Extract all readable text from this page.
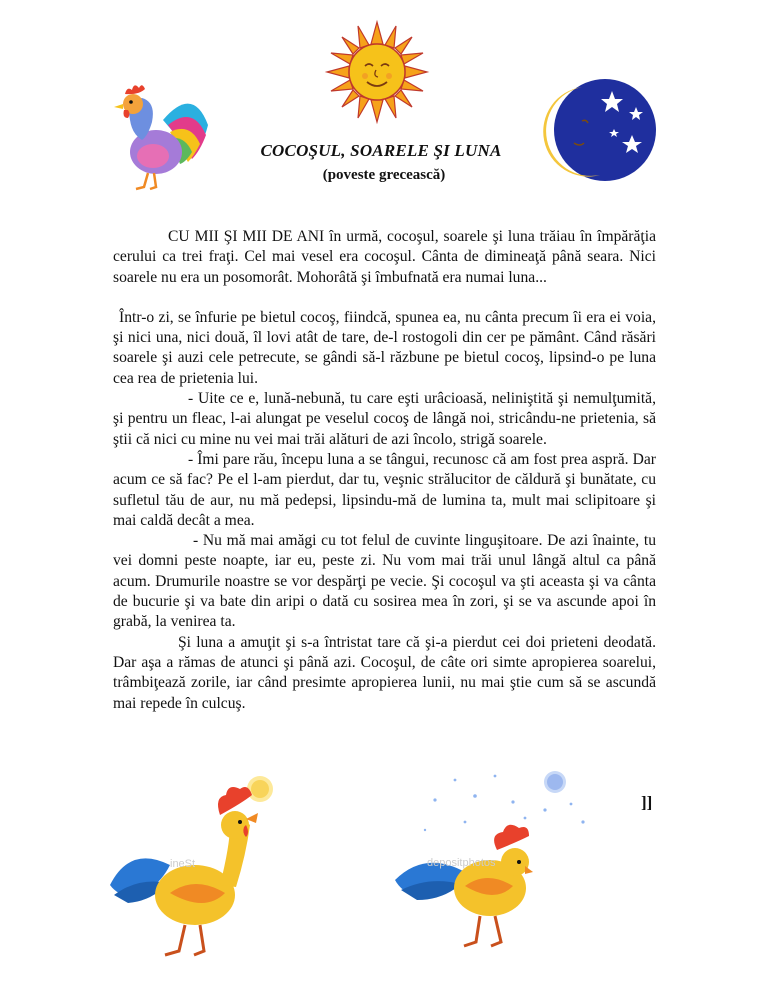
COCOŞUL, SOARELE ŞI LUNA
(poveste grecească)

CU MII ŞI MII DE ANI în urmă, cocoşul, soarele şi luna trăiau în împărăţia cerului ca trei fraţi. Cel mai vesel era cocoşul. Cânta de dimineaţă până seara. Nici soarele nu era un posomorât. Mohorâtă şi îmbufnată era numai luna...

Într-o zi, se înfurie pe bietul cocoş, fiindcă, spunea ea, nu cânta precum îi era ei voia, şi nici una, nici două, îl lovi atât de tare, de-l rostogoli din cer pe pământ. Când răsări soarele şi auzi cele petrecute, se gândi să-l răzbune pe bietul cocoş, lipsind-o pe luna cea rea de prietenia lui.

- Uite ce e, lună-nebună, tu care eşti urâcioasă, neliniştită şi nemulţumită, şi pentru un fleac, l-ai alungat pe veselul cocoş de lângă noi, stricându-ne prietenia, să ştii că nici cu mine nu vei mai trăi alături de azi încolo, strigă soarele.

- Îmi pare rău, începu luna a se tângui, recunosc că am fost prea aspră. Dar acum ce să fac? Pe el l-am pierdut, dar tu, veşnic strălucitor de căldură şi bunătate, cu sufletul tău de aur, nu mă pedepsi, lipsindu-mă de lumina ta, mult mai sclipitoare şi mai caldă decât a mea.

- Nu mă mai amăgi cu tot felul de cuvinte linguşitoare. De azi înainte, tu vei domni peste noapte, iar eu, peste zi. Nu vom mai trăi unul lângă altul ca până acum. Drumurile noastre se vor despărţi pe vecie. Şi cocoşul va şti aceasta şi va cânta de bucurie şi va bate din aripi o dată cu sosirea mea în zori, şi se va ascunde apoi în grabă, la venirea ta.

Şi luna a amuţit şi s-a întristat tare că şi-a pierdut cei doi prieteni deodată. Dar aşa a rămas de atunci şi până azi. Cocoşul, de câte ori simte apropierea soarelui, trâmbiţează zorile, iar când presimte apropierea lunii, nu mai ştie cum să se ascundă mai repede în culcuş.

]]
ineSt	depositphotos
